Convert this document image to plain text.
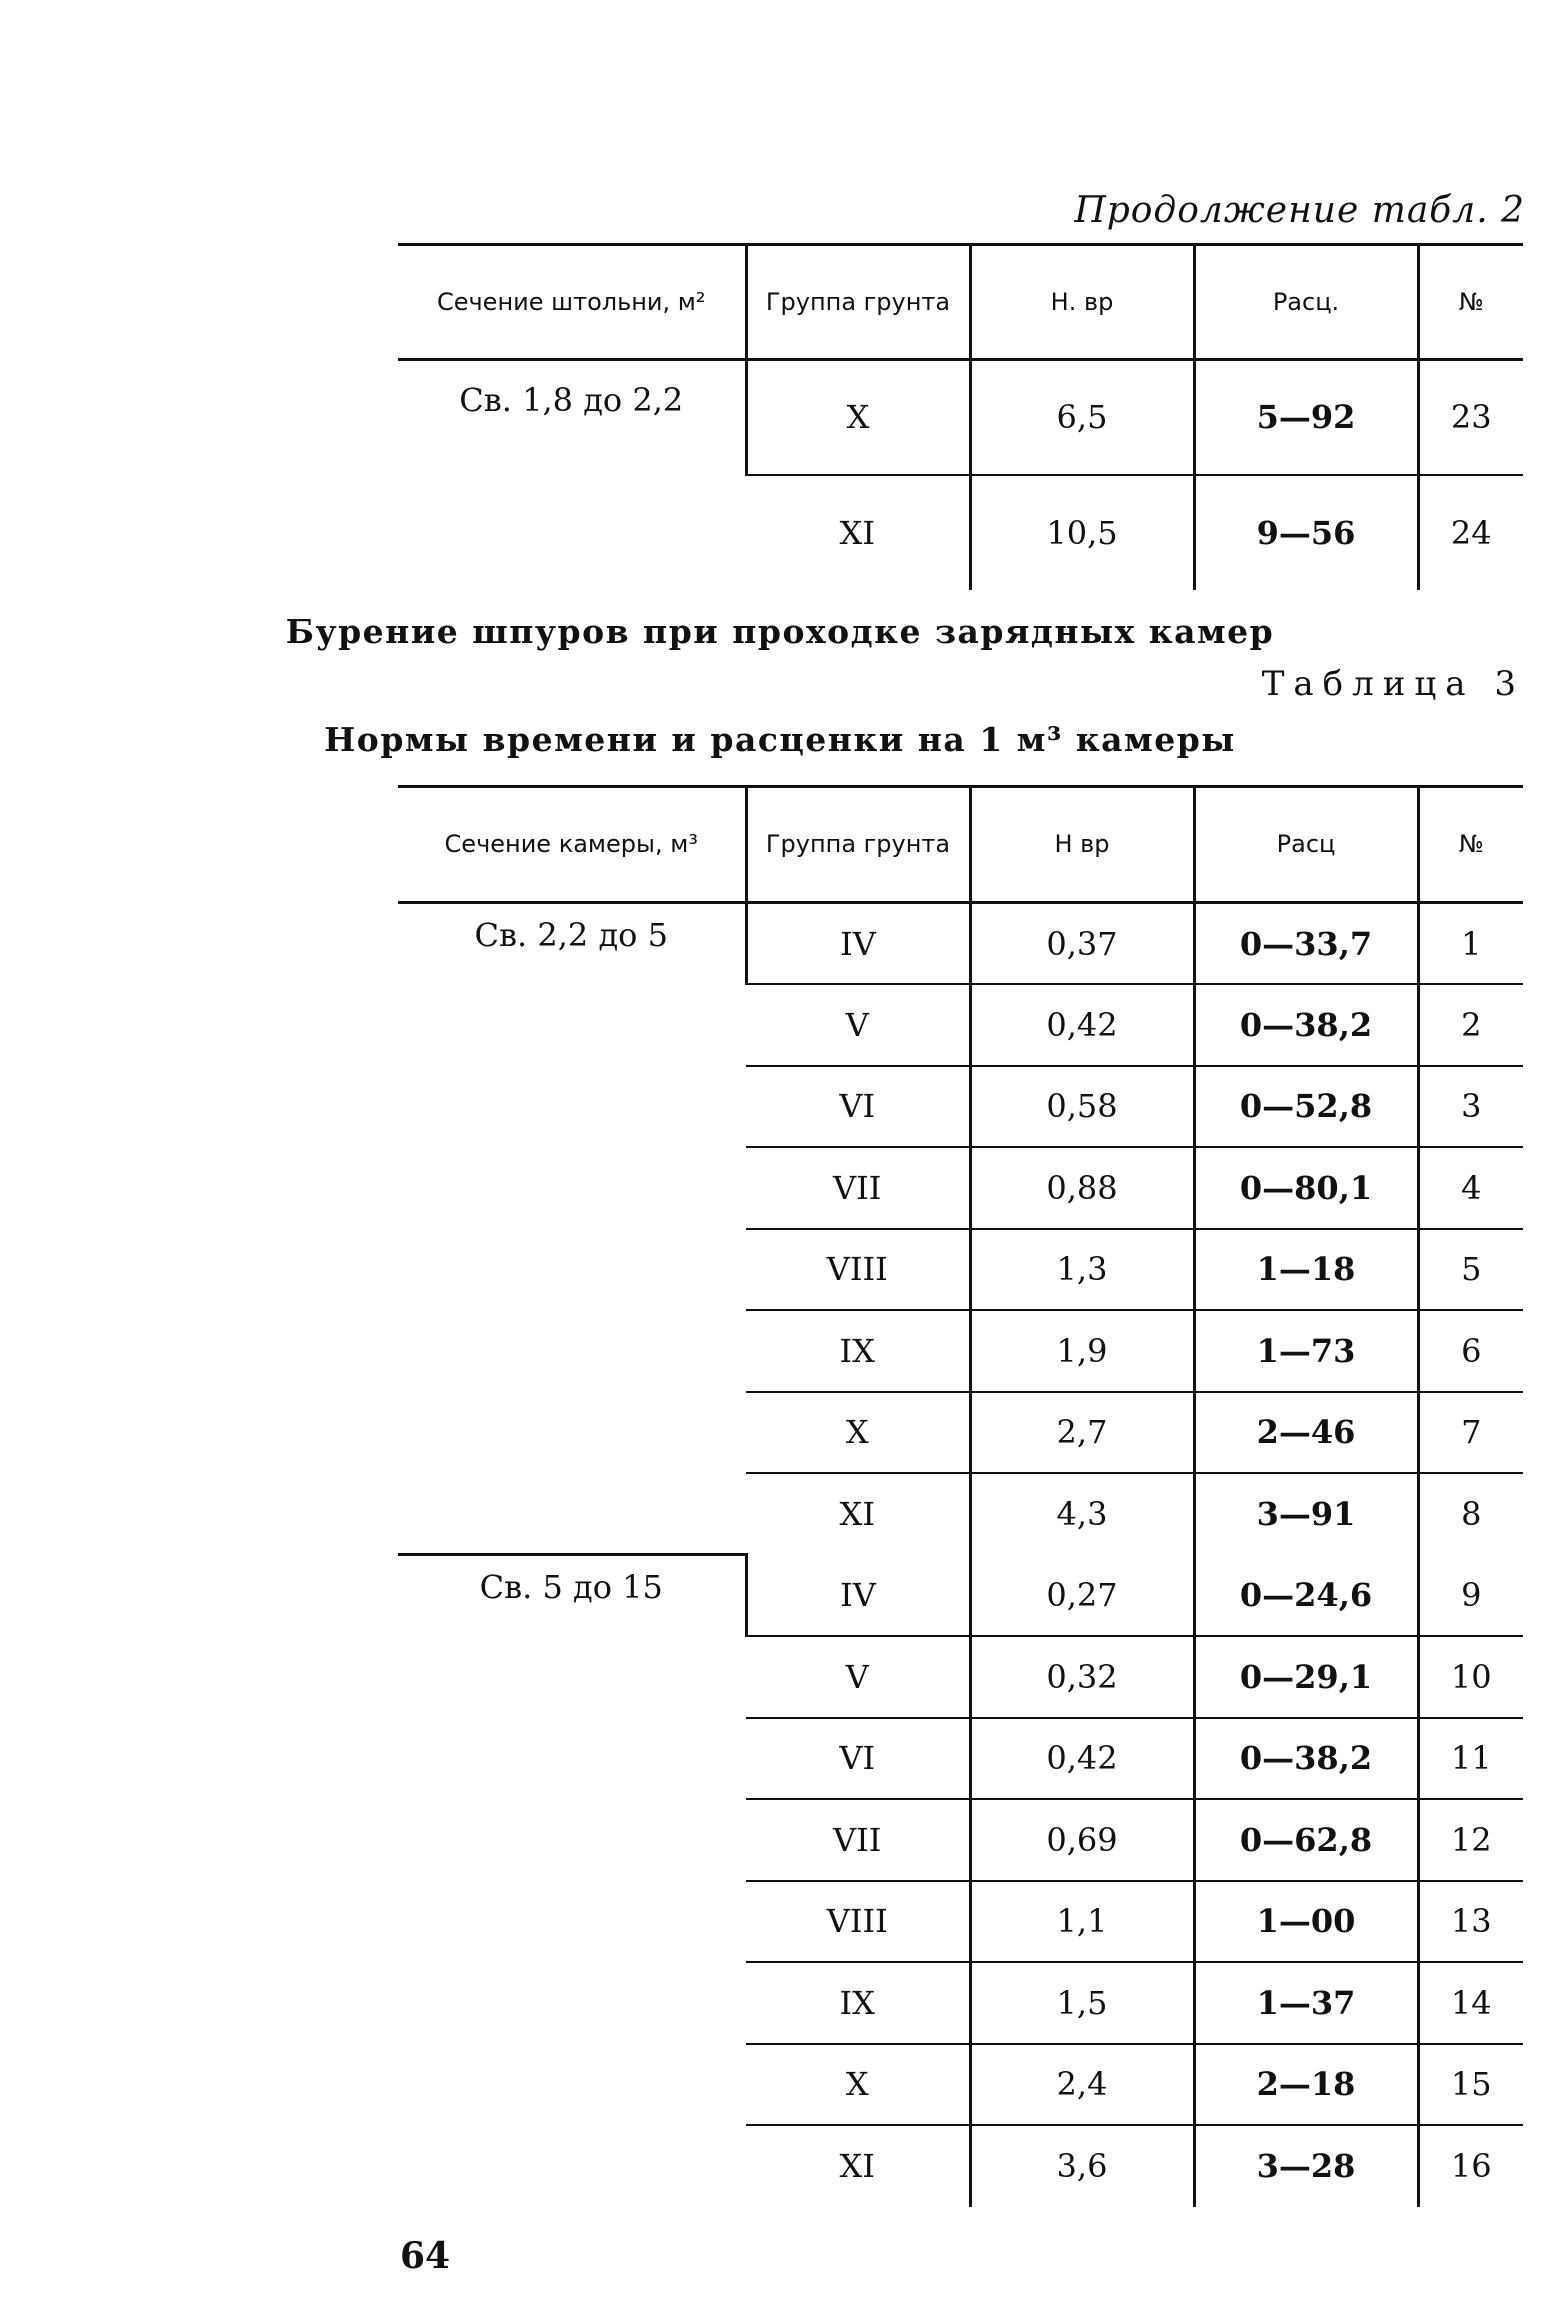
Продолжение табл. 2
Сечение штольни, м²	Группа грунта	Н. вр	Расц.	№
Св. 1,8 до 2,2	X	6,5	5—92	23
	XI	10,5	9—56	24
Бурение шпуров при проходке зарядных камер
Таблица 3
Нормы времени и расценки на 1 м³ камеры
Сечение камеры, м³	Группа грунта	Н вр	Расц	№
Св. 2,2 до 5	IV	0,37	0—33,7	1
	V	0,42	0—38,2	2
	VI	0,58	0—52,8	3
	VII	0,88	0—80,1	4
	VIII	1,3	1—18	5
	IX	1,9	1—73	6
	X	2,7	2—46	7
	XI	4,3	3—91	8
Св. 5 до 15	IV	0,27	0—24,6	9
	V	0,32	0—29,1	10
	VI	0,42	0—38,2	11
	VII	0,69	0—62,8	12
	VIII	1,1	1—00	13
	IX	1,5	1—37	14
	X	2,4	2—18	15
	XI	3,6	3—28	16
64
